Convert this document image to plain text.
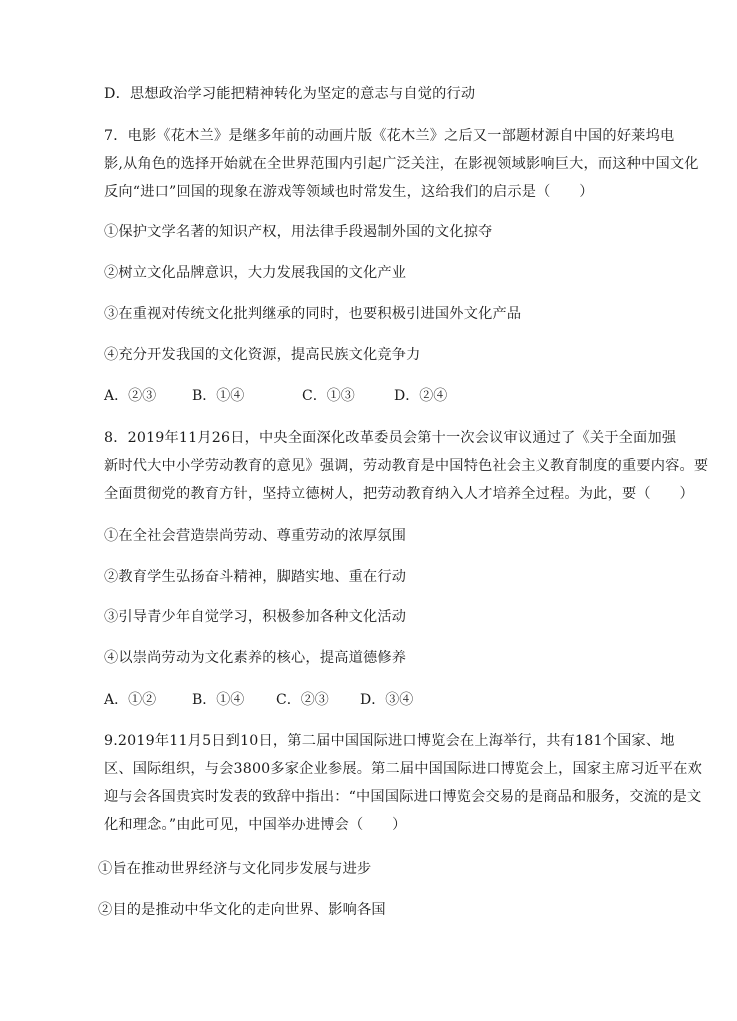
D．思想政治学习能把精神转化为坚定的意志与自觉的行动
7．电影《花木兰》是继多年前的动画片版《花木兰》之后又一部题材源自中国的好莱坞电
影,从角色的选择开始就在全世界范围内引起广泛关注，在影视领域影响巨大，而这种中国文化
反向“进口”回国的现象在游戏等领域也时常发生，这给我们的启示是（　　）
①保护文学名著的知识产权，用法律手段遏制外国的文化掠夺
②树立文化品牌意识，大力发展我国的文化产业
③在重视对传统文化批判继承的同时，也要积极引进国外文化产品
④充分开发我国的文化资源，提高民族文化竞争力
A．②③	B．①④	C．①③	D．②④
8．2019年11月26日，中央全面深化改革委员会第十一次会议审议通过了《关于全面加强
新时代大中小学劳动教育的意见》强调，劳动教育是中国特色社会主义教育制度的重要内容。要
全面贯彻党的教育方针，坚持立德树人，把劳动教育纳入人才培养全过程。为此，要（　　）
①在全社会营造崇尚劳动、尊重劳动的浓厚氛围
②教育学生弘扬奋斗精神，脚踏实地、重在行动
③引导青少年自觉学习，积极参加各种文化活动
④以崇尚劳动为文化素养的核心，提高道德修养
A．①②	B．①④ C．②③ D．③④
9.2019年11月5日到10日，第二届中国国际进口博览会在上海举行，共有181个国家、地
区、国际组织，与会3800多家企业参展。第二届中国国际进口博览会上，国家主席习近平在欢
迎与会各国贵宾时发表的致辞中指出：“中国国际进口博览会交易的是商品和服务，交流的是文
化和理念。”由此可见，中国举办进博会（　　）
①旨在推动世界经济与文化同步发展与进步
②目的是推动中华文化的走向世界、影响各国
